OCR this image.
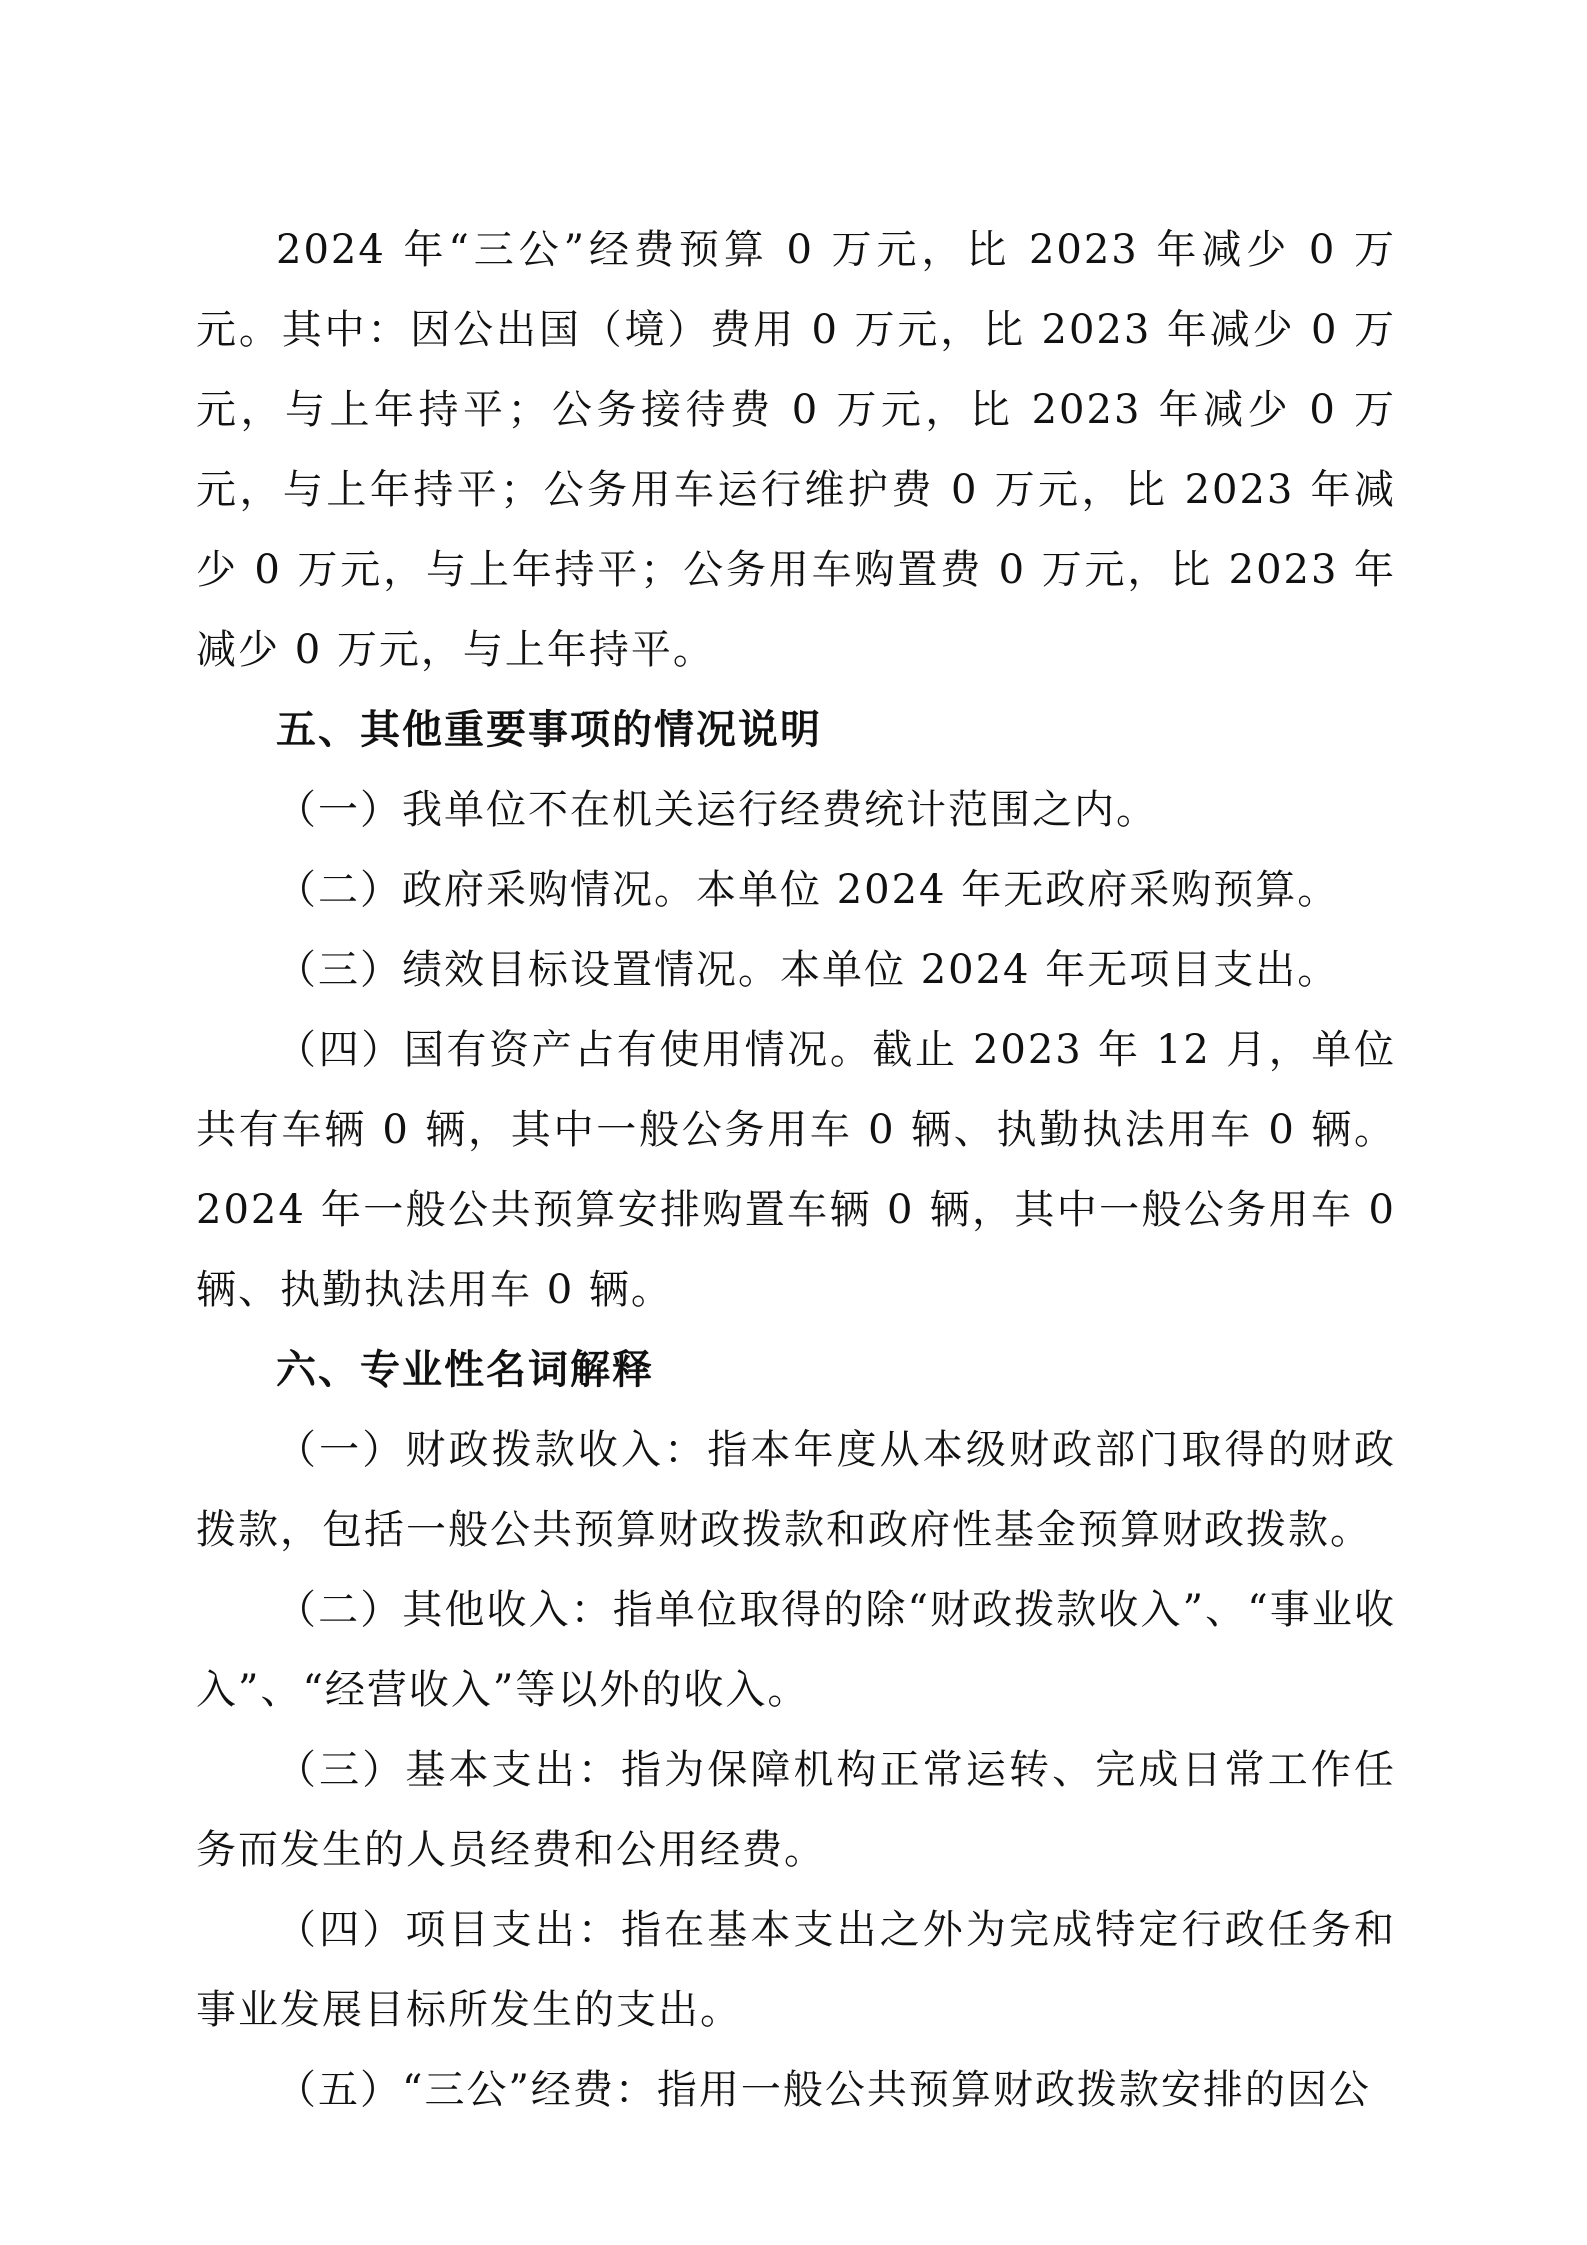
2024 年“三公”经费预算 0 万元，比 2023 年减少 0 万元。其中：因公出国（境）费用 0 万元，比 2023 年减少 0 万元，与上年持平；公务接待费 0 万元，比 2023 年减少 0 万元，与上年持平；公务用车运行维护费 0 万元，比 2023 年减少 0 万元，与上年持平；公务用车购置费 0 万元，比 2023 年减少 0 万元，与上年持平。

五、其他重要事项的情况说明

（一）我单位不在机关运行经费统计范围之内。

（二）政府采购情况。本单位 2024 年无政府采购预算。

（三）绩效目标设置情况。本单位 2024 年无项目支出。

（四）国有资产占有使用情况。截止 2023 年 12 月，单位共有车辆 0 辆，其中一般公务用车 0 辆、执勤执法用车 0 辆。2024 年一般公共预算安排购置车辆 0 辆，其中一般公务用车 0 辆、执勤执法用车 0 辆。

六、专业性名词解释

（一）财政拨款收入：指本年度从本级财政部门取得的财政拨款，包括一般公共预算财政拨款和政府性基金预算财政拨款。

（二）其他收入：指单位取得的除“财政拨款收入”、“事业收入”、“经营收入”等以外的收入。

（三）基本支出：指为保障机构正常运转、完成日常工作任务而发生的人员经费和公用经费。

（四）项目支出：指在基本支出之外为完成特定行政任务和事业发展目标所发生的支出。

（五）“三公”经费：指用一般公共预算财政拨款安排的因公
